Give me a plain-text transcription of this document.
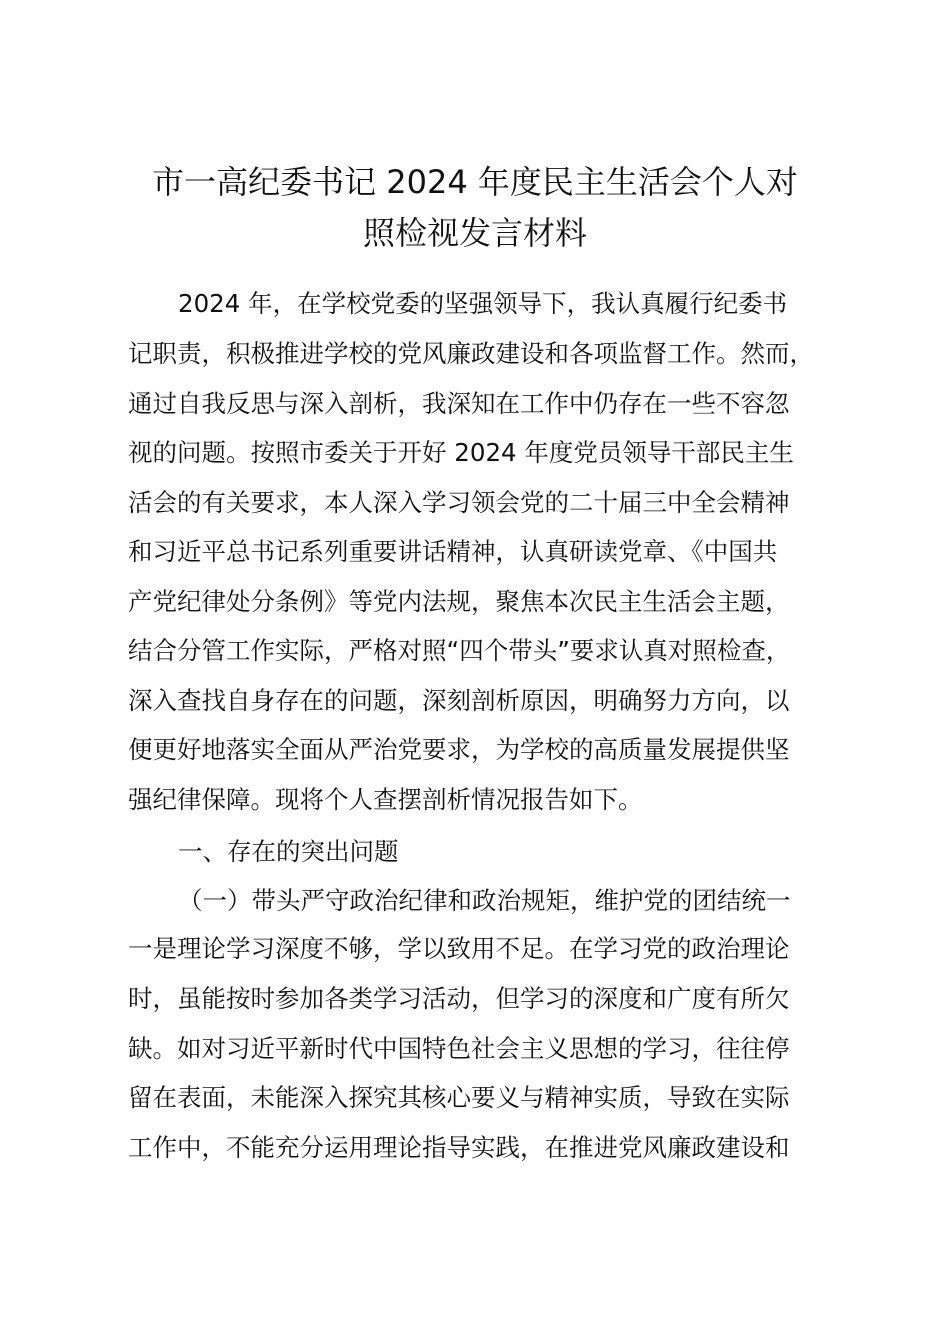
市一高纪委书记 2024 年度民主生活会个人对
照检视发言材料
2024 年，在学校党委的坚强领导下，我认真履行纪委书
记职责，积极推进学校的党风廉政建设和各项监督工作。然而，
通过自我反思与深入剖析，我深知在工作中仍存在一些不容忽
视的问题。按照市委关于开好 2024 年度党员领导干部民主生
活会的有关要求，本人深入学习领会党的二十届三中全会精神
和习近平总书记系列重要讲话精神，认真研读党章、《中国共
产党纪律处分条例》等党内法规，聚焦本次民主生活会主题，
结合分管工作实际，严格对照“四个带头”要求认真对照检查，
深入查找自身存在的问题，深刻剖析原因，明确努力方向，以
便更好地落实全面从严治党要求，为学校的高质量发展提供坚
强纪律保障。现将个人查摆剖析情况报告如下。
一、存在的突出问题
（一）带头严守政治纪律和政治规矩，维护党的团结统一
一是理论学习深度不够，学以致用不足。在学习党的政治理论
时，虽能按时参加各类学习活动，但学习的深度和广度有所欠
缺。如对习近平新时代中国特色社会主义思想的学习，往往停
留在表面，未能深入探究其核心要义与精神实质，导致在实际
工作中，不能充分运用理论指导实践，在推进党风廉政建设和
